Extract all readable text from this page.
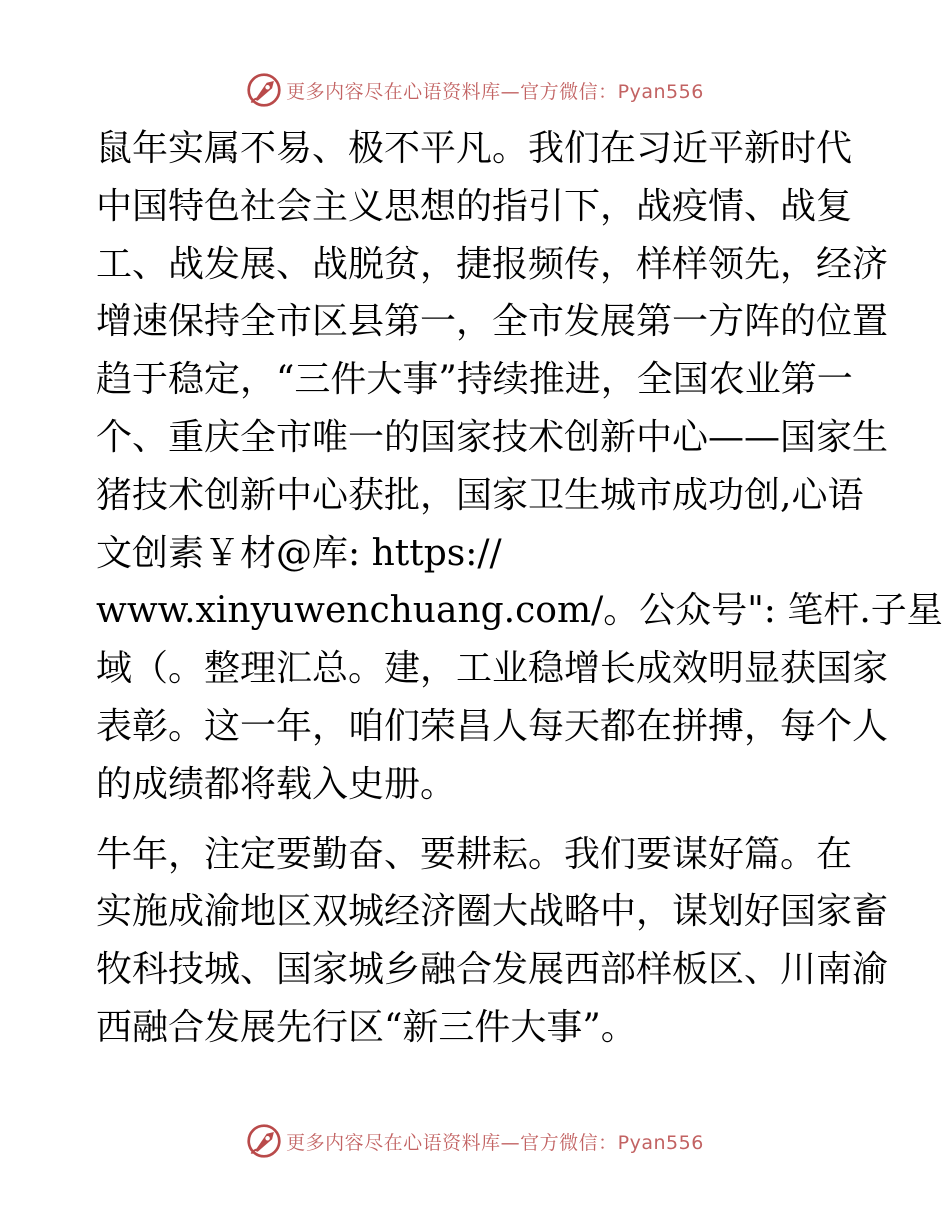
更多内容尽在心语资料库—官方微信：Pyan556
鼠年实属不易、极不平凡。我们在习近平新时代
中国特色社会主义思想的指引下，战疫情、战复
工、战发展、战脱贫，捷报频传，样样领先，经济
增速保持全市区县第一，全市发展第一方阵的位置
趋于稳定，“三件大事”持续推进，全国农业第一
个、重庆全市唯一的国家技术创新中心——国家生
猪技术创新中心获批，国家卫生城市成功创,心语
文创素￥材@库: https://
www.xinyuwenchuang.com/。公众号": 笔杆.子星
域（。整理汇总。建，工业稳增长成效明显获国家
表彰。这一年，咱们荣昌人每天都在拼搏，每个人
的成绩都将载入史册。
牛年，注定要勤奋、要耕耘。我们要谋好篇。在
实施成渝地区双城经济圈大战略中，谋划好国家畜
牧科技城、国家城乡融合发展西部样板区、川南渝
西融合发展先行区“新三件大事”。
更多内容尽在心语资料库—官方微信：Pyan556
